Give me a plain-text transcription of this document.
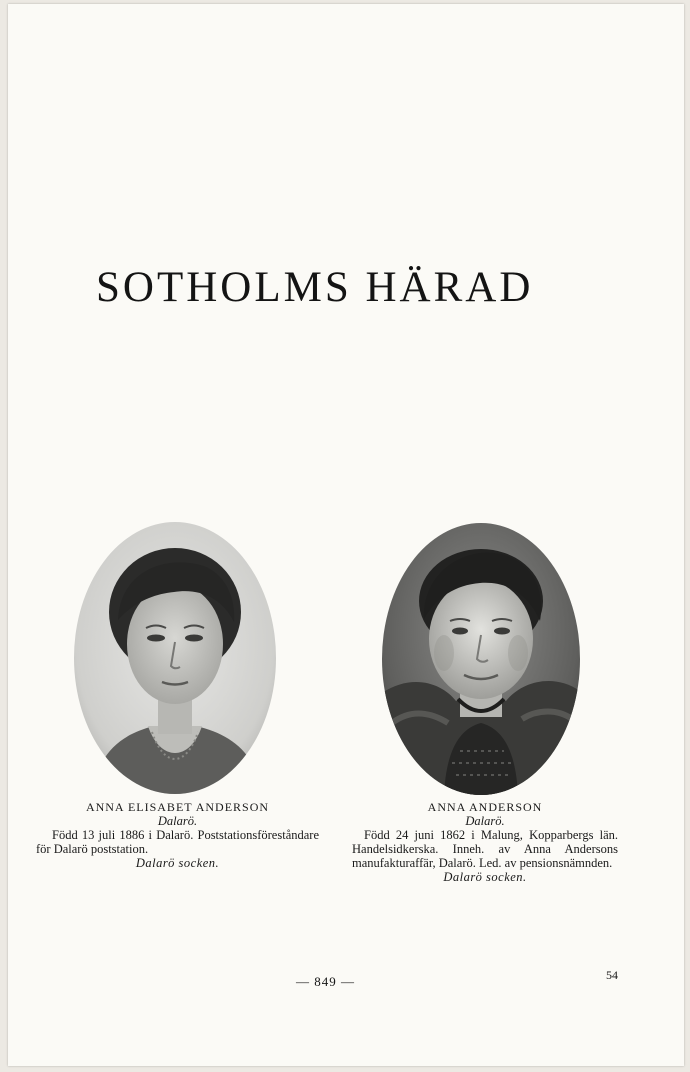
SOTHOLMS HÄRAD

ANNA ELISABET ANDERSON

Dalarö.

Född 13 juli 1886 i Dalarö. Poststationsföreståndare för Dalarö poststation.

Dalarö socken.

ANNA ANDERSON

Dalarö.

Född 24 juni 1862 i Malung, Kopparbergs län. Handelsidkerska. Inneh. av Anna Andersons manufakturaffär, Dalarö. Led. av pensionsnämnden.

Dalarö socken.

— 849 —	54
